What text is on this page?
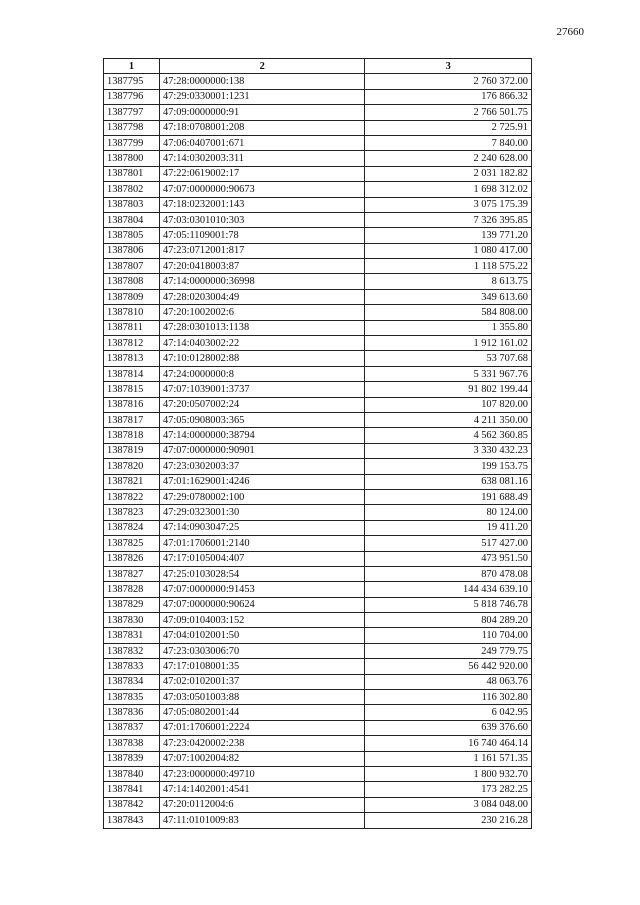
27660
1	2	3
1387795	47:28:0000000:138	2 760 372.00
1387796	47:29:0330001:1231	176 866.32
1387797	47:09:0000000:91	2 766 501.75
1387798	47:18:0708001:208	2 725.91
1387799	47:06:0407001:671	7 840.00
1387800	47:14:0302003:311	2 240 628.00
1387801	47:22:0619002:17	2 031 182.82
1387802	47:07:0000000:90673	1 698 312.02
1387803	47:18:0232001:143	3 075 175.39
1387804	47:03:0301010:303	7 326 395.85
1387805	47:05:1109001:78	139 771.20
1387806	47:23:0712001:817	1 080 417.00
1387807	47:20:0418003:87	1 118 575.22
1387808	47:14:0000000:36998	8 613.75
1387809	47:28:0203004:49	349 613.60
1387810	47:20:1002002:6	584 808.00
1387811	47:28:0301013:1138	1 355.80
1387812	47:14:0403002:22	1 912 161.02
1387813	47:10:0128002:88	53 707.68
1387814	47:24:0000000:8	5 331 967.76
1387815	47:07:1039001:3737	91 802 199.44
1387816	47:20:0507002:24	107 820.00
1387817	47:05:0908003:365	4 211 350.00
1387818	47:14:0000000:38794	4 562 360.85
1387819	47:07:0000000:90901	3 330 432.23
1387820	47:23:0302003:37	199 153.75
1387821	47:01:1629001:4246	638 081.16
1387822	47:29:0780002:100	191 688.49
1387823	47:29:0323001:30	80 124.00
1387824	47:14:0903047:25	19 411.20
1387825	47:01:1706001:2140	517 427.00
1387826	47:17:0105004:407	473 951.50
1387827	47:25:0103028:54	870 478.08
1387828	47:07:0000000:91453	144 434 639.10
1387829	47:07:0000000:90624	5 818 746.78
1387830	47:09:0104003:152	804 289.20
1387831	47:04:0102001:50	110 704.00
1387832	47:23:0303006:70	249 779.75
1387833	47:17:0108001:35	56 442 920.00
1387834	47:02:0102001:37	48 063.76
1387835	47:03:0501003:88	116 302.80
1387836	47:05:0802001:44	6 042.95
1387837	47:01:1706001:2224	639 376.60
1387838	47:23:0420002:238	16 740 464.14
1387839	47:07:1002004:82	1 161 571.35
1387840	47:23:0000000:49710	1 800 932.70
1387841	47:14:1402001:4541	173 282.25
1387842	47:20:0112004:6	3 084 048.00
1387843	47:11:0101009:83	230 216.28
